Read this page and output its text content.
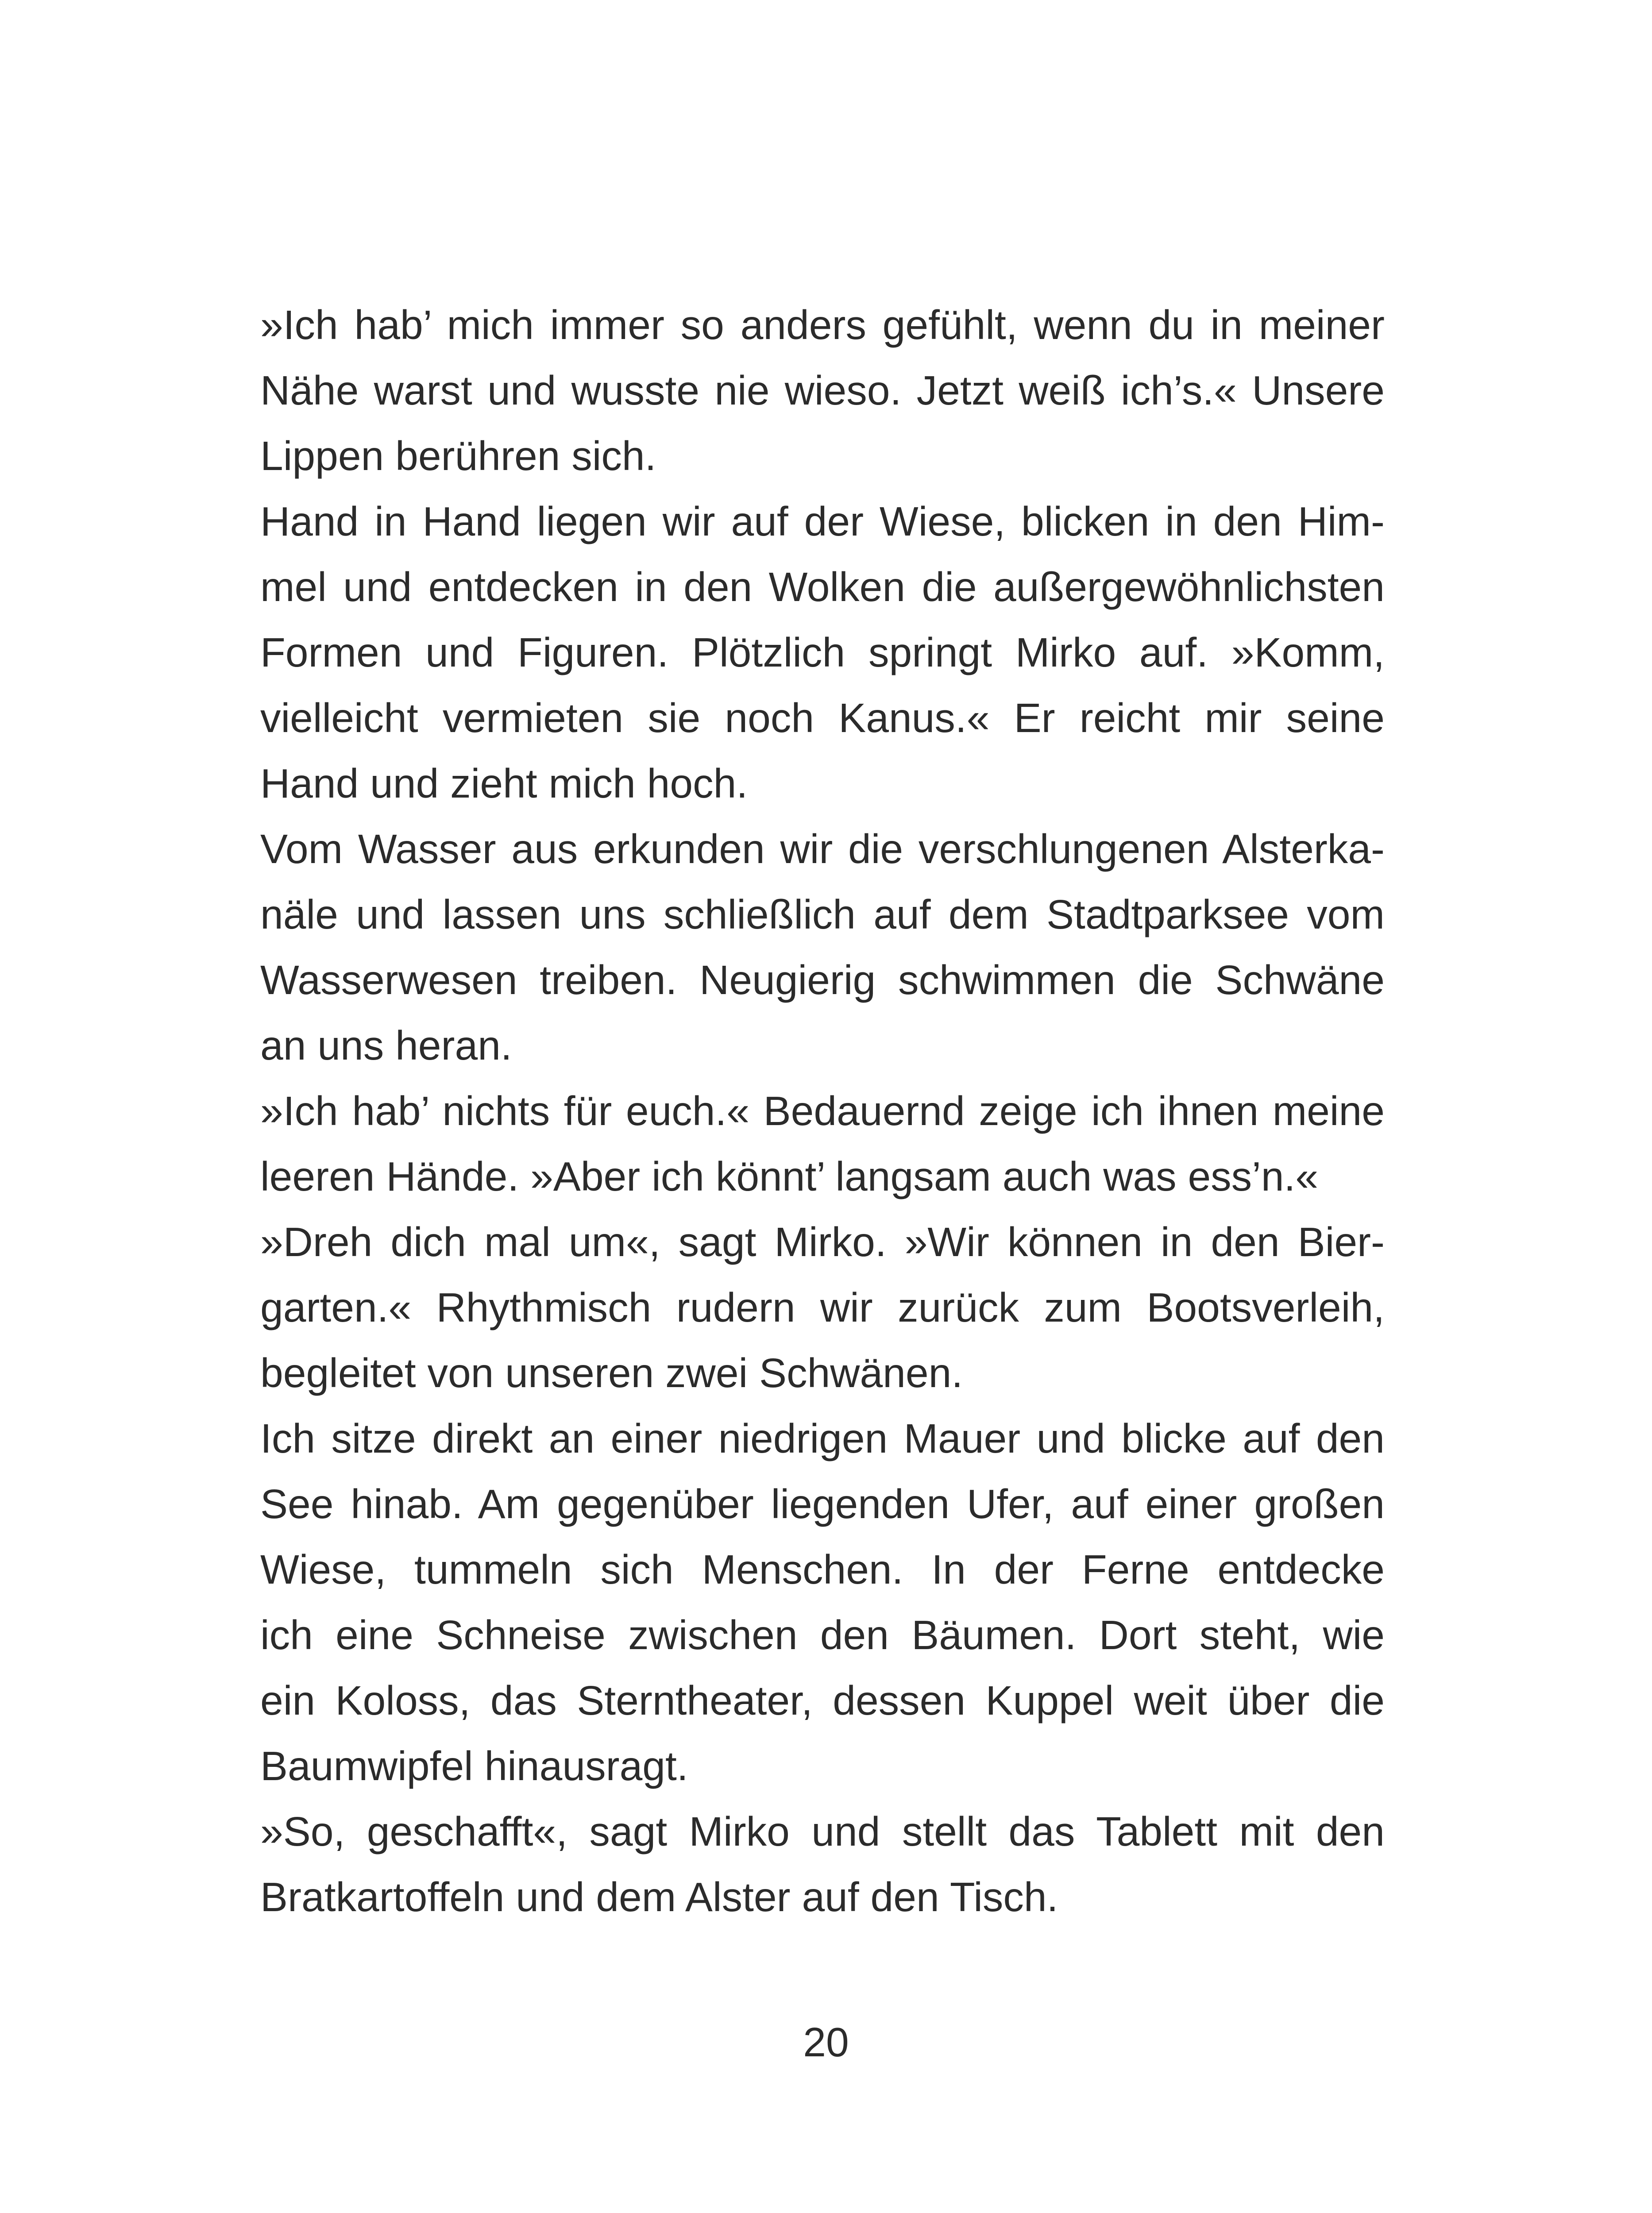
»Ich hab’ mich immer so anders gefühlt, wenn du in meiner
Nähe warst und wusste nie wieso. Jetzt weiß ich’s.« Unsere
Lippen berühren sich.

Hand in Hand liegen wir auf der Wiese, blicken in den Him-
mel und entdecken in den Wolken die außergewöhnlichsten
Formen und Figuren. Plötzlich springt Mirko auf. »Komm,
vielleicht vermieten sie noch Kanus.« Er reicht mir seine
Hand und zieht mich hoch.

Vom Wasser aus erkunden wir die verschlungenen Alsterka-
näle und lassen uns schließlich auf dem Stadtparksee vom
Wasserwesen treiben. Neugierig schwimmen die Schwäne
an uns heran.

»Ich hab’ nichts für euch.« Bedauernd zeige ich ihnen meine
leeren Hände. »Aber ich könnt’ langsam auch was ess’n.«

»Dreh dich mal um«, sagt Mirko. »Wir können in den Bier-
garten.« Rhythmisch rudern wir zurück zum Bootsverleih,
begleitet von unseren zwei Schwänen.

Ich sitze direkt an einer niedrigen Mauer und blicke auf den
See hinab. Am gegenüber liegenden Ufer, auf einer großen
Wiese, tummeln sich Menschen. In der Ferne entdecke
ich eine Schneise zwischen den Bäumen. Dort steht, wie
ein Koloss, das Sterntheater, dessen Kuppel weit über die
Baumwipfel hinausragt.

»So, geschafft«, sagt Mirko und stellt das Tablett mit den
Bratkartoffeln und dem Alster auf den Tisch.

20
